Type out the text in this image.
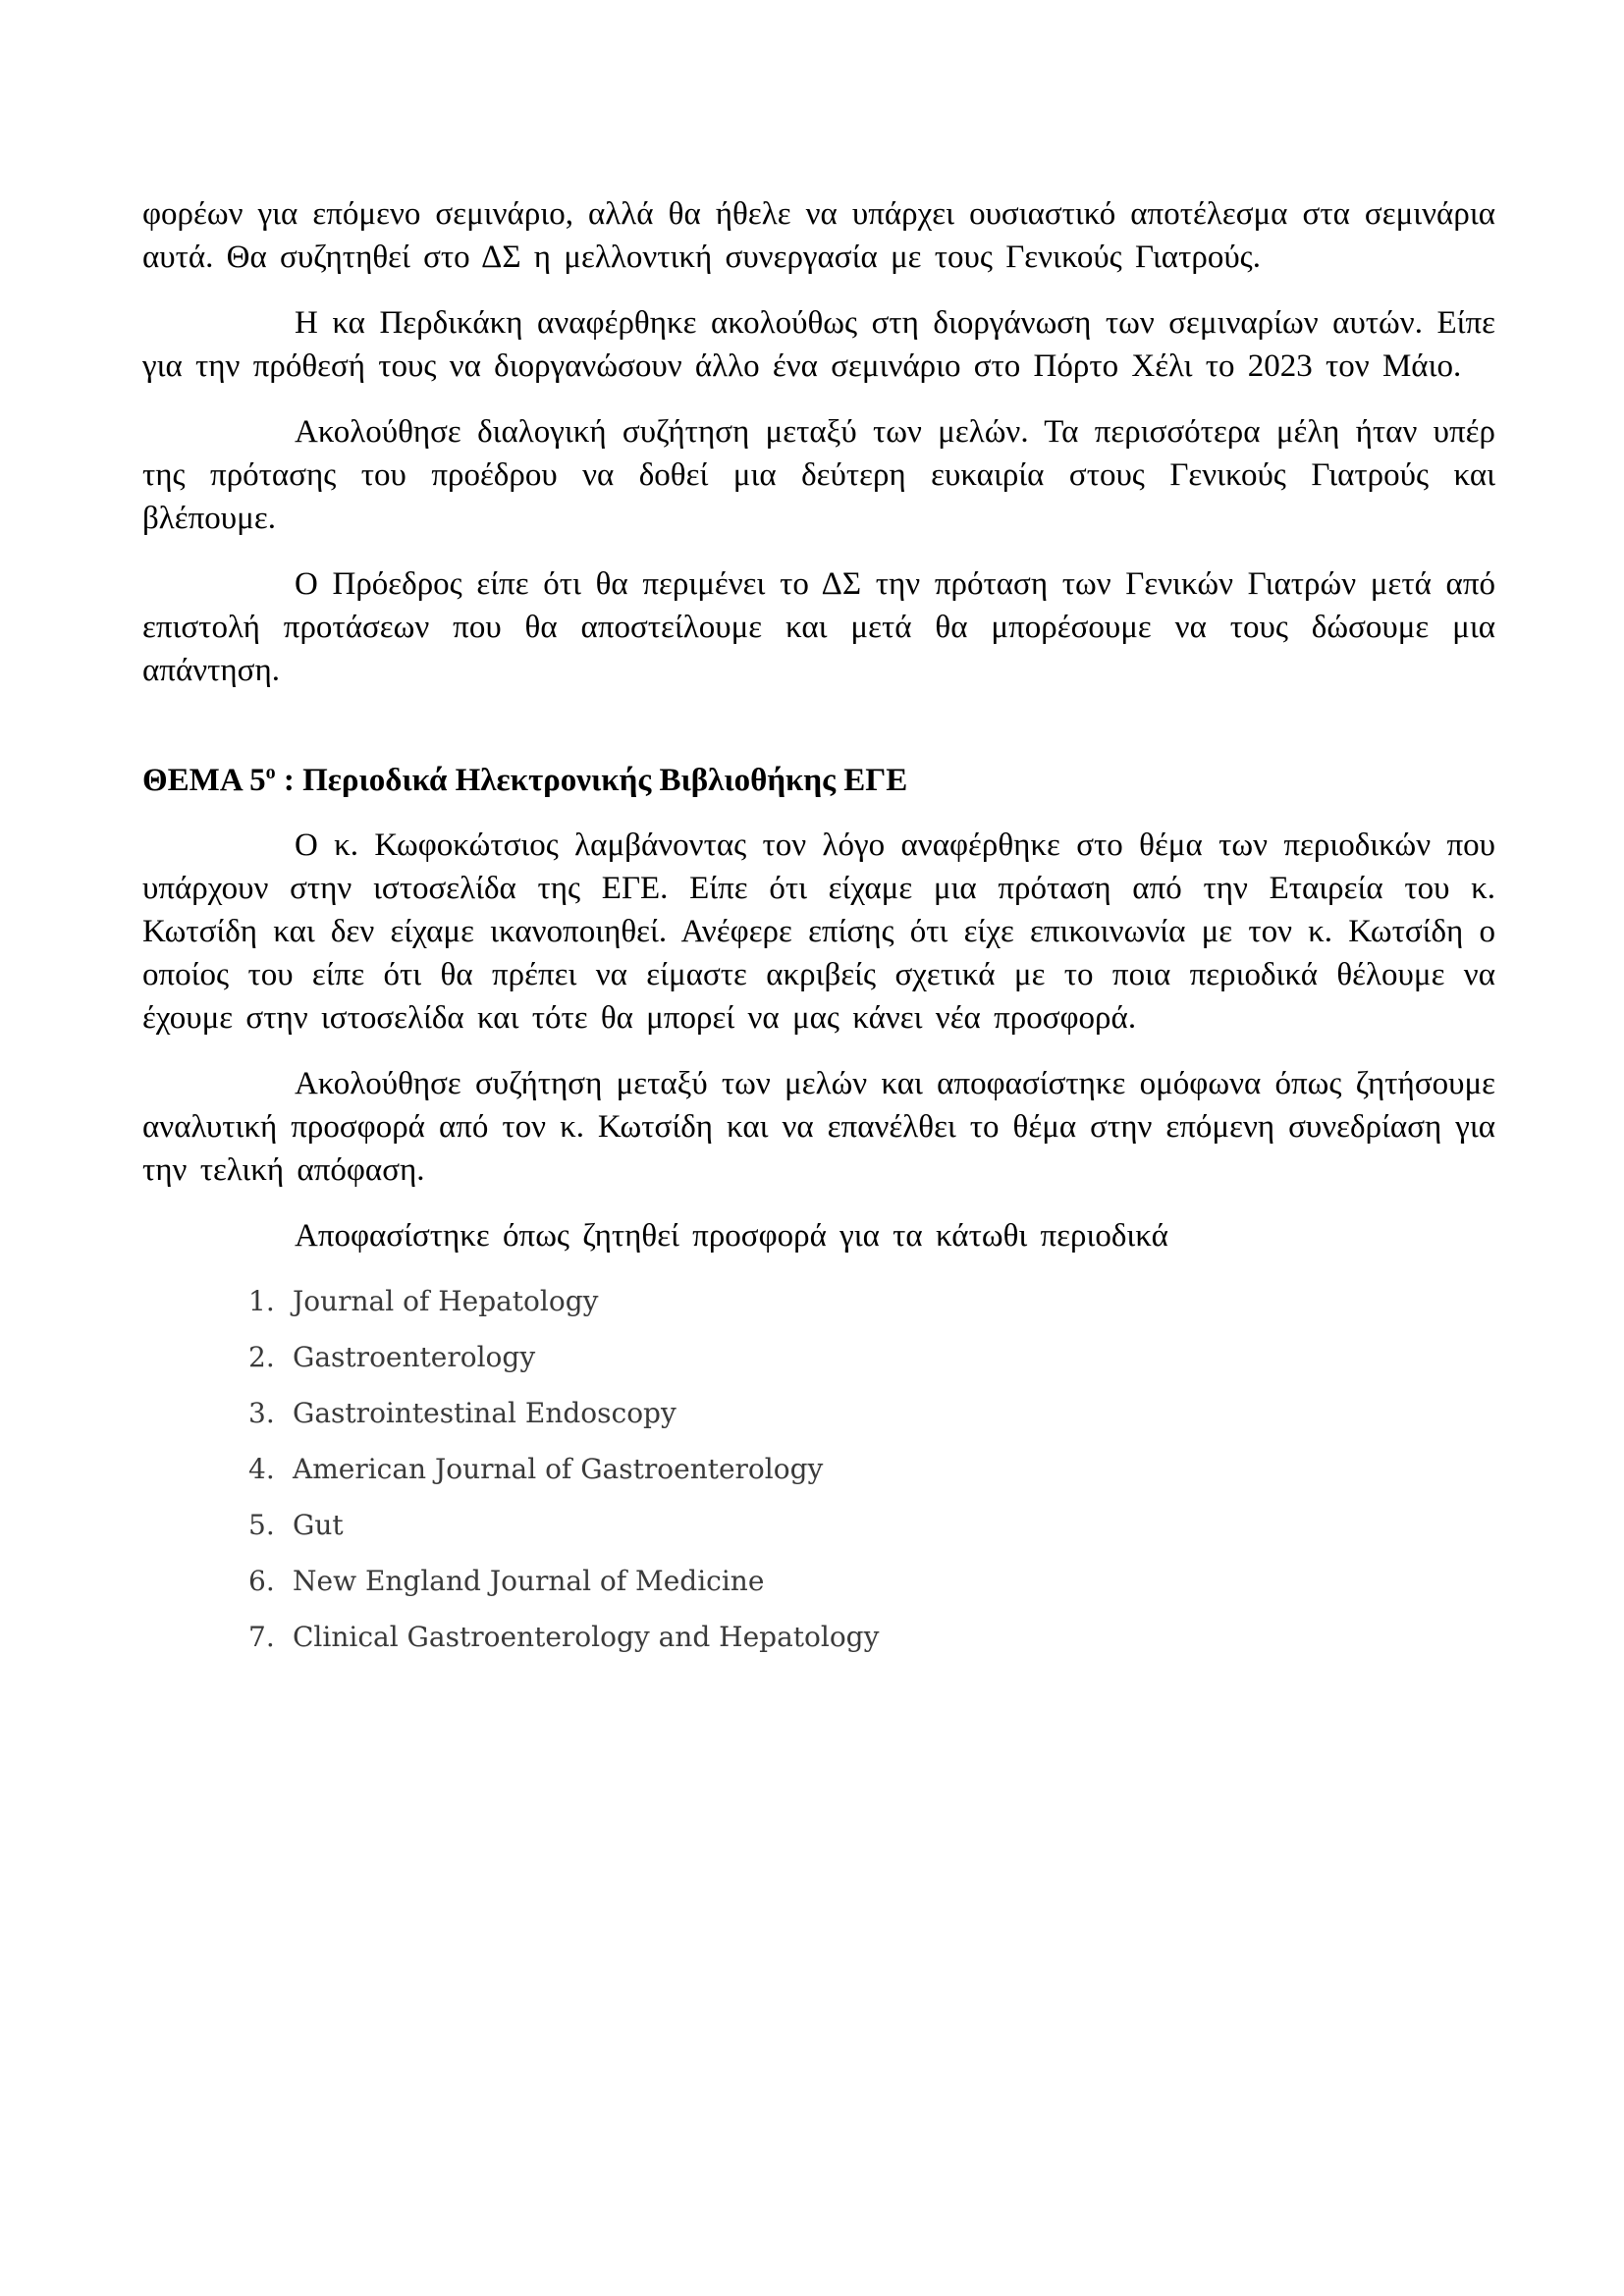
φορέων για επόμενο σεμινάριο, αλλά θα ήθελε να υπάρχει ουσιαστικό αποτέλεσμα στα σεμινάρια αυτά. Θα συζητηθεί στο ΔΣ η μελλοντική συνεργασία με τους Γενικούς Γιατρούς.

Η κα Περδικάκη αναφέρθηκε ακολούθως στη διοργάνωση των σεμιναρίων αυτών. Είπε για την πρόθεσή τους να διοργανώσουν άλλο ένα σεμινάριο στο Πόρτο Χέλι το 2023 τον Μάιο.

Ακολούθησε διαλογική συζήτηση μεταξύ των μελών. Τα περισσότερα μέλη ήταν υπέρ της πρότασης του προέδρου να δοθεί μια δεύτερη ευκαιρία στους Γενικούς Γιατρούς και βλέπουμε.

Ο Πρόεδρος είπε ότι θα περιμένει το ΔΣ την πρόταση των Γενικών Γιατρών μετά από επιστολή προτάσεων που θα αποστείλουμε και μετά θα μπορέσουμε να τους δώσουμε μια απάντηση.

ΘΕΜΑ $5^o$ : Περιοδικά Ηλεκτρονικής Βιβλιοθήκης ΕΓΕ

Ο κ. Κωφοκώτσιος λαμβάνοντας τον λόγο αναφέρθηκε στο θέμα των περιοδικών που υπάρχουν στην ιστοσελίδα της ΕΓΕ. Είπε ότι είχαμε μια πρόταση από την Εταιρεία του κ. Κωτσίδη και δεν είχαμε ικανοποιηθεί. Ανέφερε επίσης ότι είχε επικοινωνία με τον κ. Κωτσίδη ο οποίος του είπε ότι θα πρέπει να είμαστε ακριβείς σχετικά με το ποια περιοδικά θέλουμε να έχουμε στην ιστοσελίδα και τότε θα μπορεί να μας κάνει νέα προσφορά.

Ακολούθησε συζήτηση μεταξύ των μελών και αποφασίστηκε ομόφωνα όπως ζητήσουμε αναλυτική προσφορά από τον κ. Κωτσίδη και να επανέλθει το θέμα στην επόμενη συνεδρίαση για την τελική απόφαση.

Αποφασίστηκε όπως ζητηθεί προσφορά για τα κάτωθι περιοδικά

1. Journal of Hepatology
2. Gastroenterology
3. Gastrointestinal Endoscopy
4. American Journal of Gastroenterology
5. Gut
6. New England Journal of Medicine
7. Clinical Gastroenterology and Hepatology
